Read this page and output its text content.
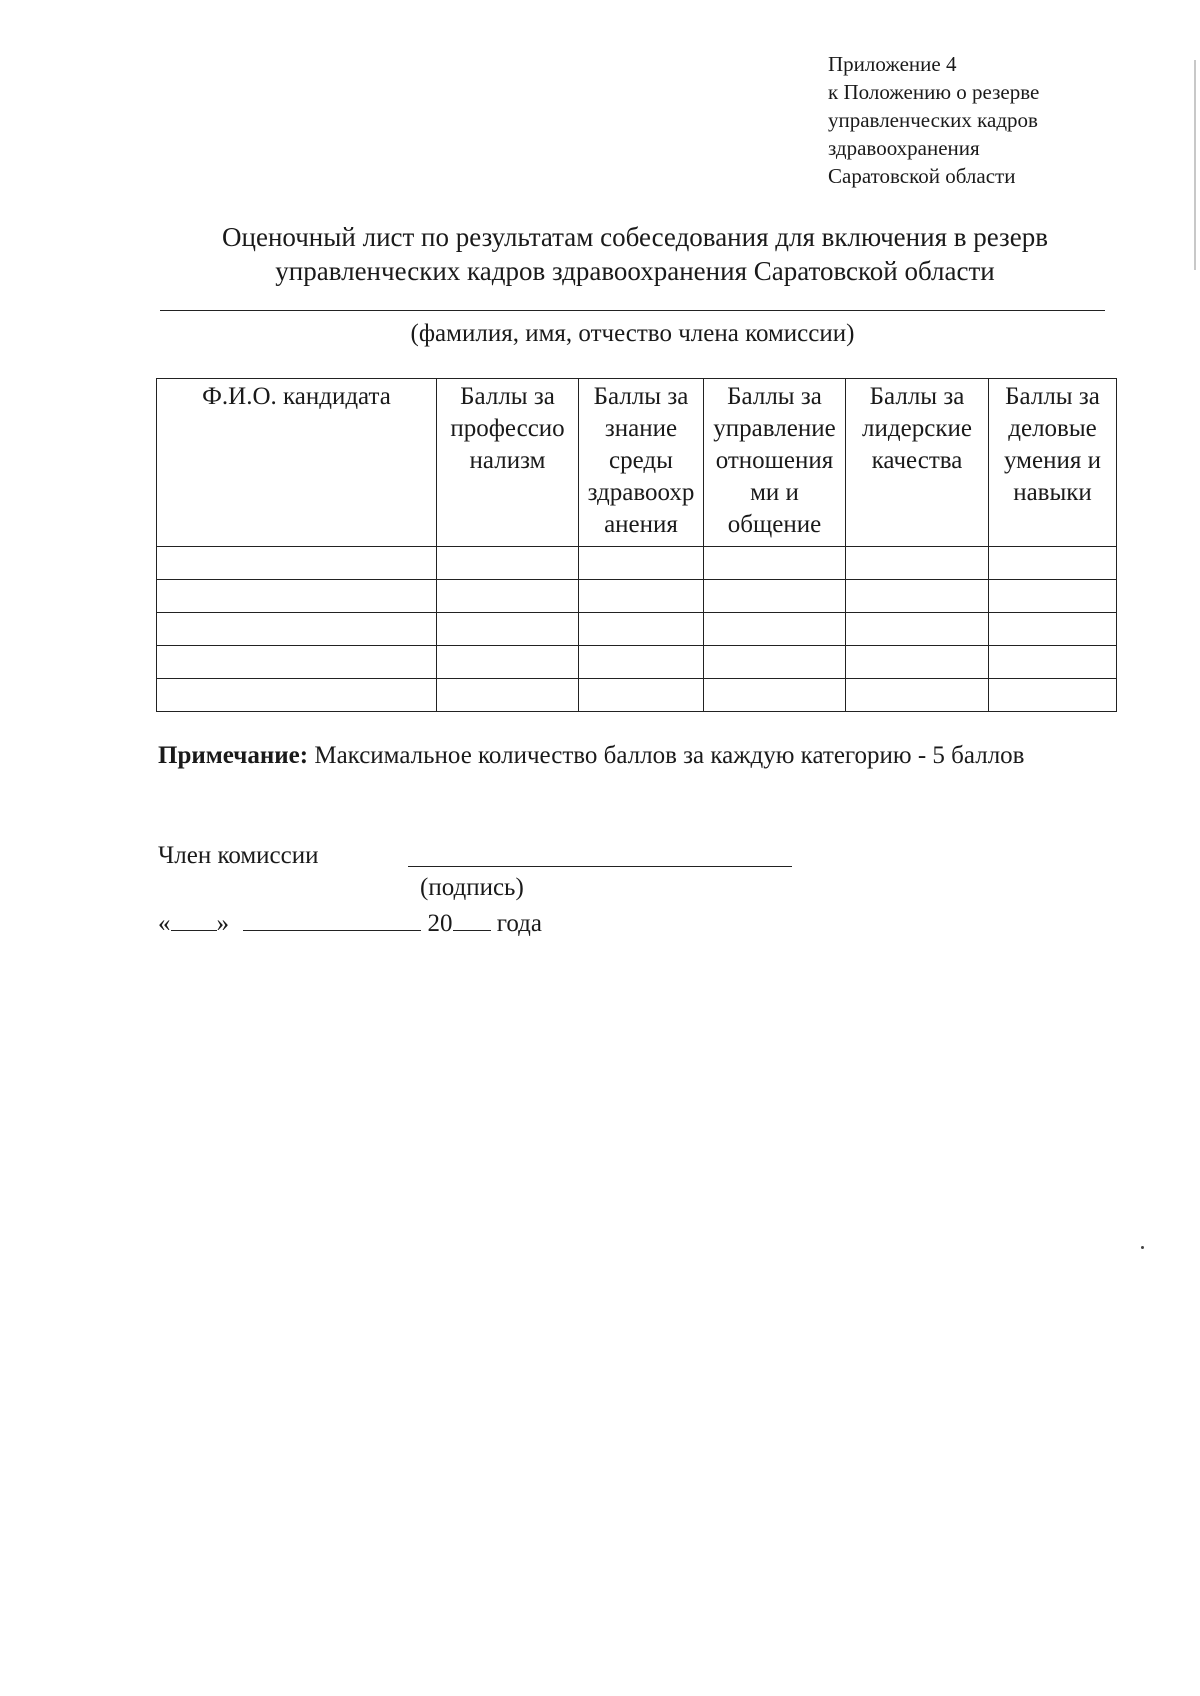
Приложение 4
к Положению о резерве
управленческих кадров
здравоохранения
Саратовской области
Оценочный лист по результатам собеседования для включения в резерв
управленческих кадров здравоохранения Саратовской области
(фамилия, имя, отчество члена комиссии)
Ф.И.О. кандидата	Баллы за профессио нализм	Баллы за знание среды здравоохр анения	Баллы за управление отношения ми и общение	Баллы за лидерские качества	Баллы за деловые умения и навыки

Примечание: Максимальное количество баллов за каждую категорию - 5 баллов
Член комиссии
(подпись)
« »	20 года
